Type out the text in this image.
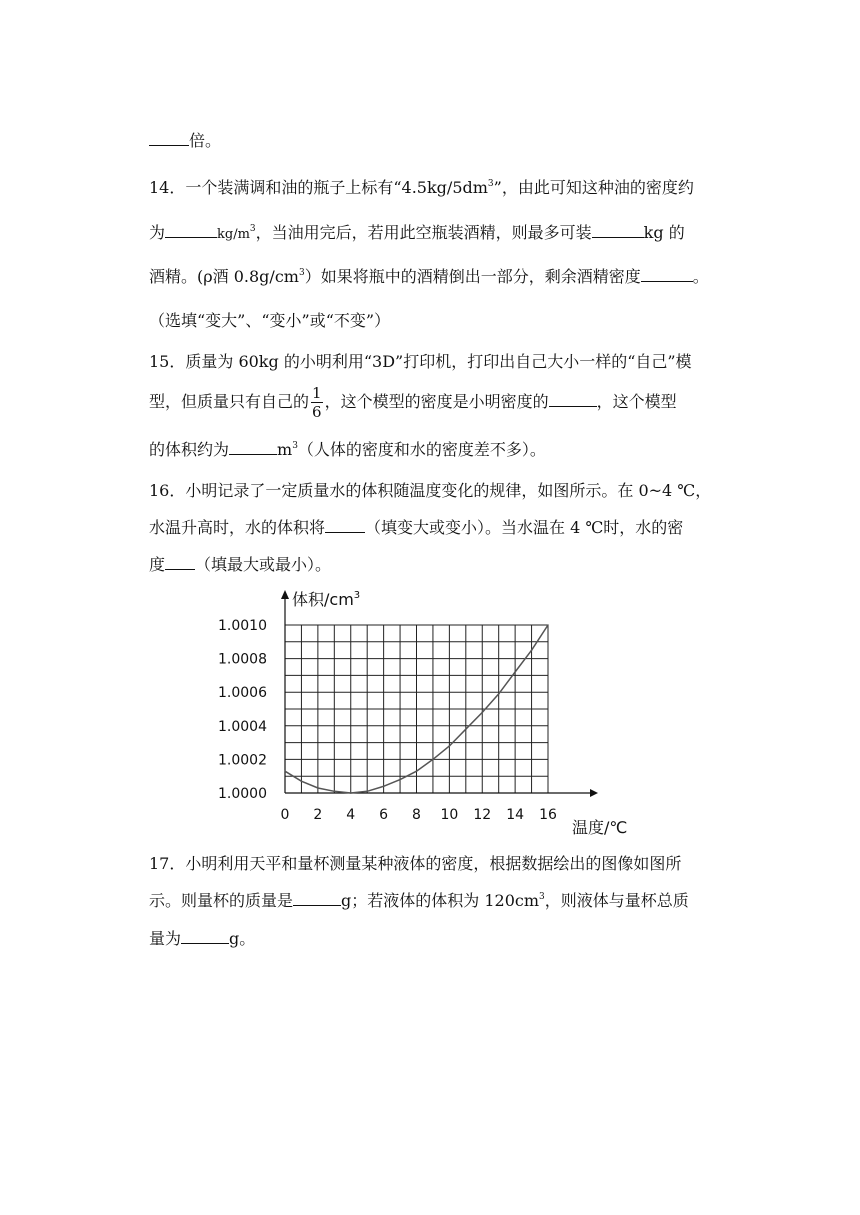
倍。
14．一个装满调和油的瓶子上标有“$4.5kg/5dm^3$”，由此可知这种油的密度约
为	$kg/m^3$，当油用完后，若用此空瓶装酒精，则最多可装	kg 的
酒精。(ρ酒 $0.8g/cm^3$）如果将瓶中的酒精倒出一部分，剩余酒精密度	。
（选填“变大”、“变小”或“不变”）
15．质量为 60kg 的小明利用“3D”打印机，打印出自己大小一样的“自己”模
型，但质量只有自己的 $\frac{1}{6}$ ，这个模型的密度是小明密度的	，这个模型
的体积约为	$m^3$（人体的密度和水的密度差不多）。
16．小明记录了一定质量水的体积随温度变化的规律，如图所示。在 0~4 ℃，
水温升高时，水的体积将	（填变大或变小）。当水温在 4 ℃时，水的密
度 （填最大或最小）。
0 2 4 6 8 10 12 14 16
1.0000
1.0002
1.0004
1.0006
1.0008
1.0010
体积$/cm^3$
温度/℃
17．小明利用天平和量杯测量某种液体的密度，根据数据绘出的图像如图所
示。则量杯的质量是	g；若液体的体积为 $120cm^3$，则液体与量杯总质
量为	g。
